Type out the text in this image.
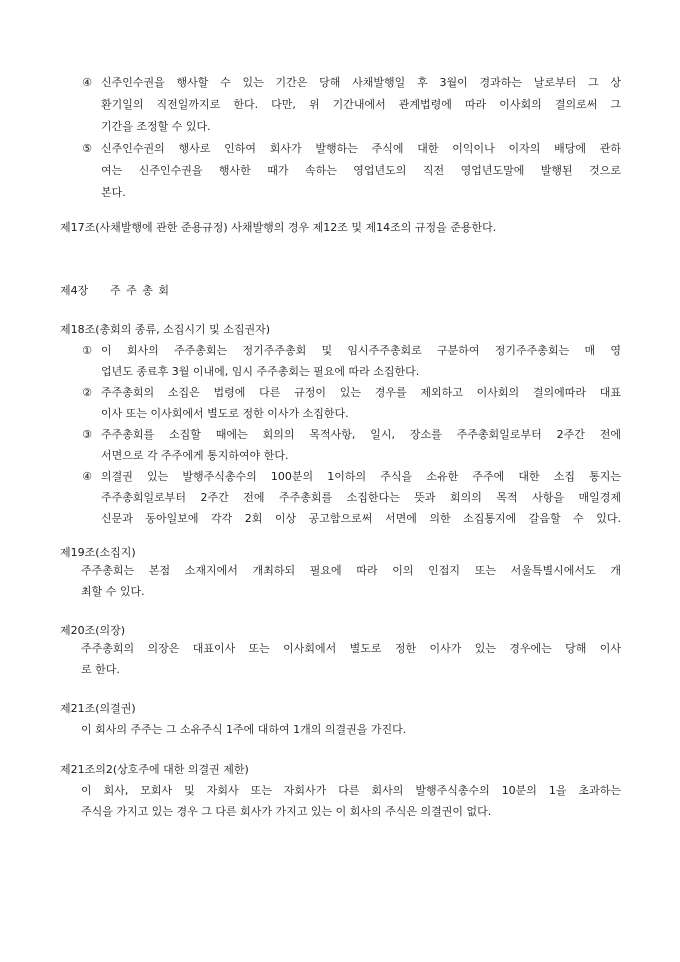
④ 신주인수권을 행사할 수 있는 기간은 당해 사채발행일 후 3월이 경과하는 날로부터 그 상
환기일의 직전일까지로 한다. 다만, 위 기간내에서 관계법령에 따라 이사회의 결의로써 그
기간을 조정할 수 있다.
⑤ 신주인수권의 행사로 인하여 회사가 발행하는 주식에 대한 이익이나 이자의 배당에 관하
여는 신주인수권을 행사한 때가 속하는 영업년도의 직전 영업년도말에 발행된 것으로
본다.
제17조(사채발행에 관한 준용규정) 사채발행의 경우 제12조 및 제14조의 규정을 준용한다.
제4장 주 주 총 회
제18조(총회의 종류, 소집시기 및 소집권자)
① 이 회사의 주주총회는 정기주주총회 및 임시주주총회로 구분하여 정기주주총회는 매 영
업년도 종료후 3월 이내에, 임시 주주총회는 필요에 따라 소집한다.
② 주주총회의 소집은 법령에 다른 규정이 있는 경우를 제외하고 이사회의 결의에따라 대표
이사 또는 이사회에서 별도로 정한 이사가 소집한다.
③ 주주총회를 소집할 때에는 회의의 목적사항, 일시, 장소를 주주총회일로부터 2주간 전에
서면으로 각 주주에게 통지하여야 한다.
④ 의결권 있는 발행주식총수의 100분의 1이하의 주식을 소유한 주주에 대한 소집 통지는
주주총회일로부터 2주간 전에 주주총회를 소집한다는 뜻과 회의의 목적 사항을 매일경제
신문과 동아일보에 각각 2회 이상 공고함으로써 서면에 의한 소집통지에 갈음할 수 있다.
제19조(소집지)
주주총회는 본점 소재지에서 개최하되 필요에 따라 이의 인접지 또는 서울특별시에서도 개
최할 수 있다.
제20조(의장)
주주총회의 의장은 대표이사 또는 이사회에서 별도로 정한 이사가 있는 경우에는 당해 이사
로 한다.
제21조(의결권)
이 회사의 주주는 그 소유주식 1주에 대하여 1개의 의결권을 가진다.
제21조의2(상호주에 대한 의결권 제한)
이 회사, 모회사 및 자회사 또는 자회사가 다른 회사의 발행주식총수의 10분의 1을 초과하는
주식을 가지고 있는 경우 그 다른 회사가 가지고 있는 이 회사의 주식은 의결권이 없다.
